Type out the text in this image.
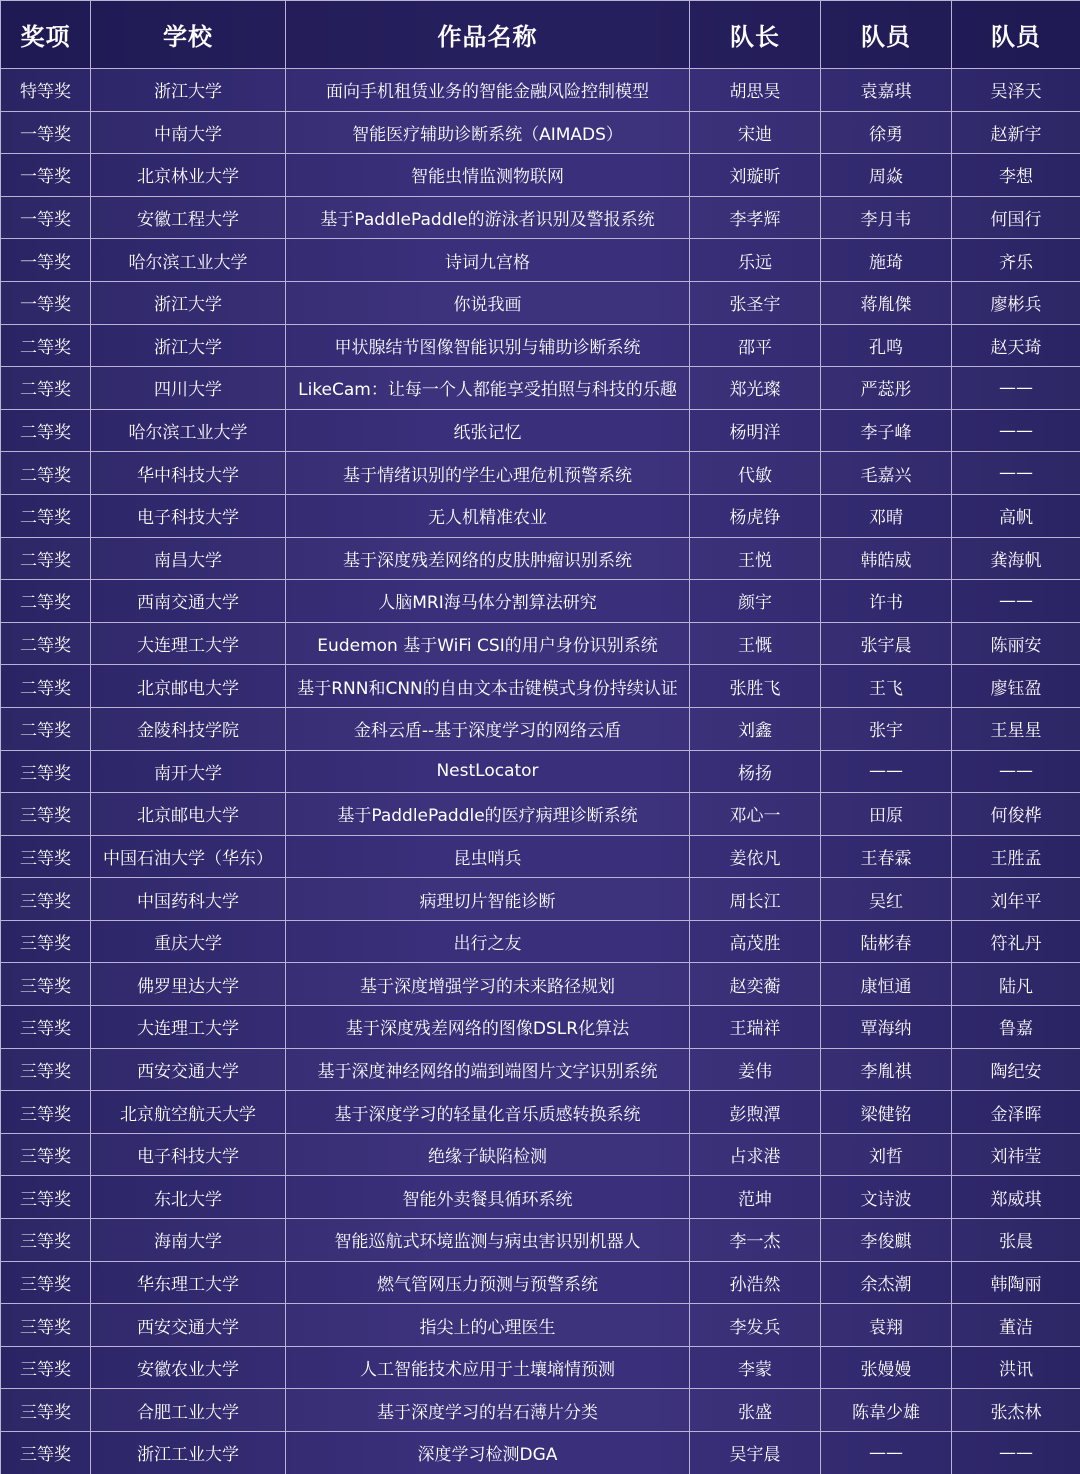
奖项	学校	作品名称	队长	队员	队员
特等奖	浙江大学	面向手机租赁业务的智能金融风险控制模型	胡思昊	袁嘉琪	吴泽天
一等奖	中南大学	智能医疗辅助诊断系统（AIMADS）	宋迪	徐勇	赵新宇
一等奖	北京林业大学	智能虫情监测物联网	刘璇昕	周焱	李想
一等奖	安徽工程大学	基于PaddlePaddle的游泳者识别及警报系统	李孝辉	李月韦	何国行
一等奖	哈尔滨工业大学	诗词九宫格	乐远	施琦	齐乐
一等奖	浙江大学	你说我画	张圣宇	蒋胤傑	廖彬兵
二等奖	浙江大学	甲状腺结节图像智能识别与辅助诊断系统	邵平	孔鸣	赵天琦
二等奖	四川大学	LikeCam：让每一个人都能享受拍照与科技的乐趣	郑光璨	严蕊彤	——
二等奖	哈尔滨工业大学	纸张记忆	杨明洋	李子峰	——
二等奖	华中科技大学	基于情绪识别的学生心理危机预警系统	代敏	毛嘉兴	——
二等奖	电子科技大学	无人机精准农业	杨虎铮	邓晴	高帆
二等奖	南昌大学	基于深度残差网络的皮肤肿瘤识别系统	王悦	韩皓威	龚海帆
二等奖	西南交通大学	人脑MRI海马体分割算法研究	颜宇	许书	——
二等奖	大连理工大学	Eudemon 基于WiFi CSI的用户身份识别系统	王慨	张宇晨	陈丽安
二等奖	北京邮电大学	基于RNN和CNN的自由文本击键模式身份持续认证	张胜飞	王飞	廖钰盈
二等奖	金陵科技学院	金科云盾--基于深度学习的网络云盾	刘鑫	张宇	王星星
三等奖	南开大学	NestLocator	杨扬	——	——
三等奖	北京邮电大学	基于PaddlePaddle的医疗病理诊断系统	邓心一	田原	何俊桦
三等奖	中国石油大学（华东）	昆虫哨兵	姜依凡	王春霖	王胜孟
三等奖	中国药科大学	病理切片智能诊断	周长江	吴红	刘年平
三等奖	重庆大学	出行之友	高茂胜	陆彬春	符礼丹
三等奖	佛罗里达大学	基于深度增强学习的未来路径规划	赵奕蘅	康恒通	陆凡
三等奖	大连理工大学	基于深度残差网络的图像DSLR化算法	王瑞祥	覃海纳	鲁嘉
三等奖	西安交通大学	基于深度神经网络的端到端图片文字识别系统	姜伟	李胤祺	陶纪安
三等奖	北京航空航天大学	基于深度学习的轻量化音乐质感转换系统	彭煦潭	梁健铭	金泽晖
三等奖	电子科技大学	绝缘子缺陷检测	占求港	刘哲	刘祎莹
三等奖	东北大学	智能外卖餐具循环系统	范坤	文诗波	郑威琪
三等奖	海南大学	智能巡航式环境监测与病虫害识别机器人	李一杰	李俊麒	张晨
三等奖	华东理工大学	燃气管网压力预测与预警系统	孙浩然	余杰潮	韩陶丽
三等奖	西安交通大学	指尖上的心理医生	李发兵	袁翔	董洁
三等奖	安徽农业大学	人工智能技术应用于土壤墒情预测	李蒙	张嫚嫚	洪讯
三等奖	合肥工业大学	基于深度学习的岩石薄片分类	张盛	陈韋少雄	张杰林
三等奖	浙江工业大学	深度学习检测DGA	吴宇晨	——	——
